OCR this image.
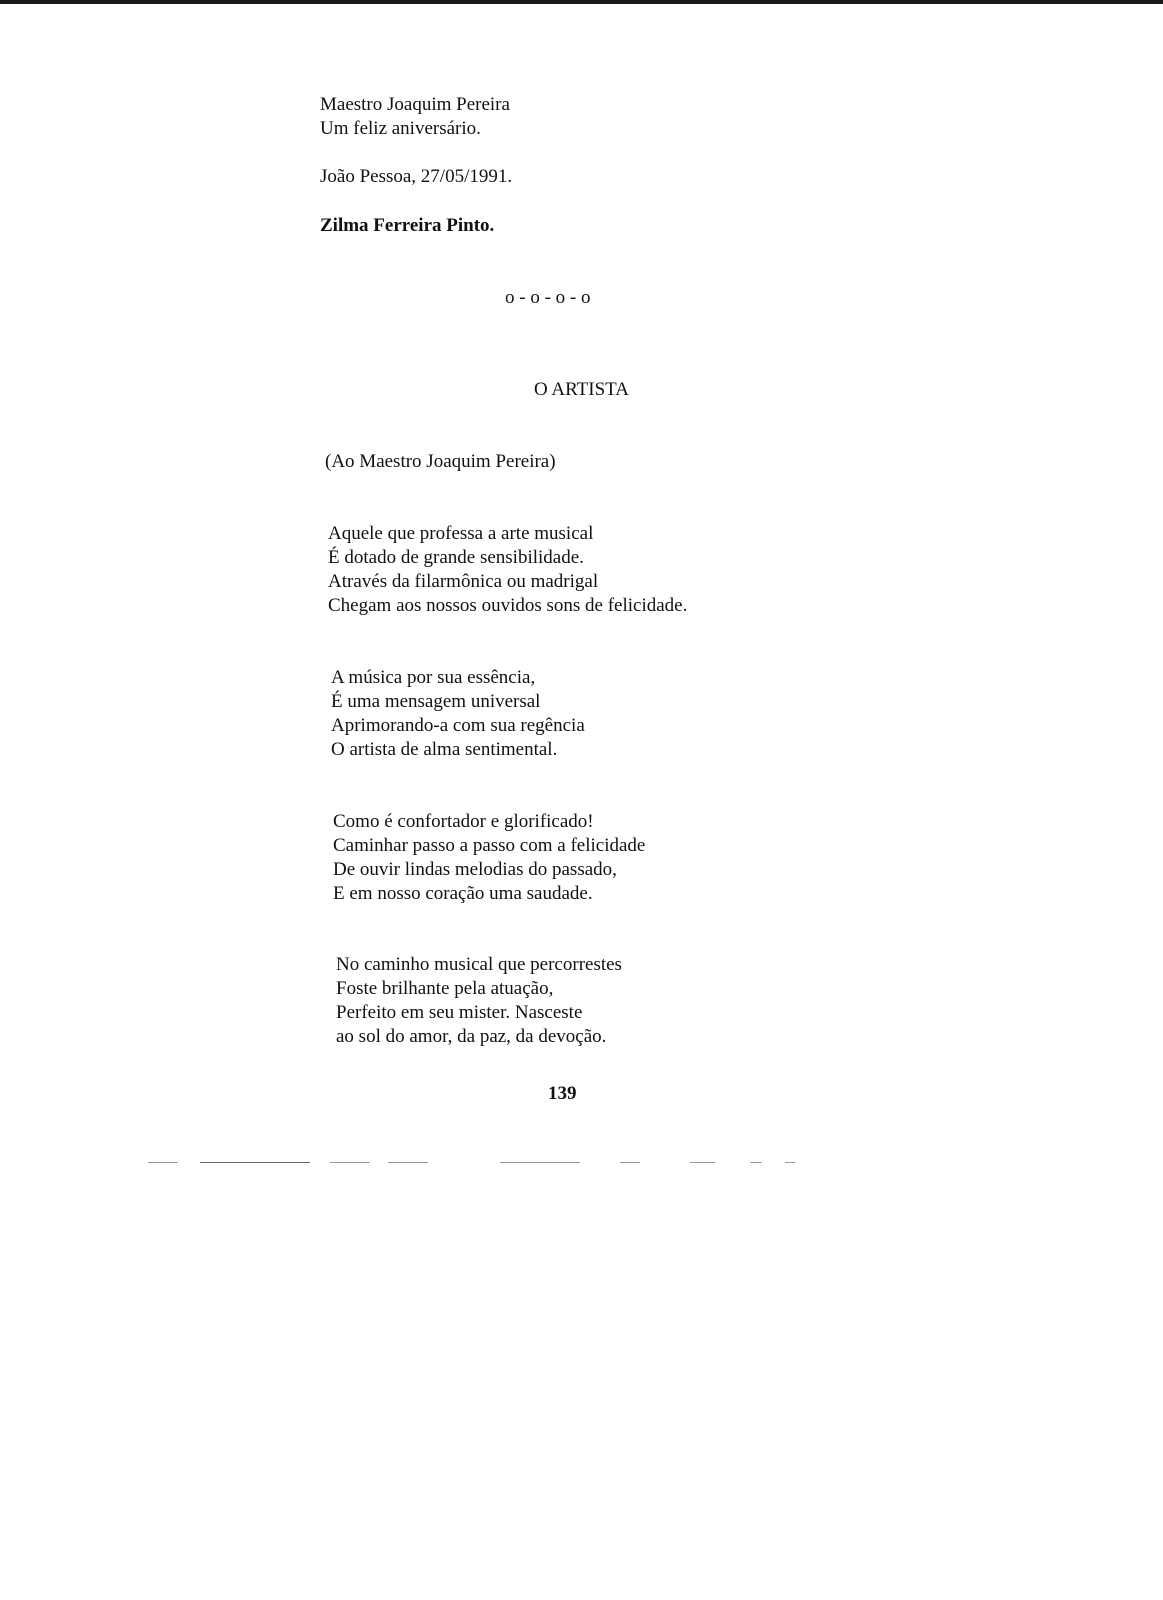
Maestro Joaquim Pereira
Um feliz aniversário.
João Pessoa, 27/05/1991.
Zilma Ferreira Pinto.
o - o - o - o
O ARTISTA
(Ao Maestro Joaquim Pereira)
Aquele que professa a arte musical
É dotado de grande sensibilidade.
Através da filarmônica ou madrigal
Chegam aos nossos ouvidos sons de felicidade.
A música por sua essência,
É uma mensagem universal
Aprimorando-a com sua regência
O artista de alma sentimental.
Como é confortador e glorificado!
Caminhar passo a passo com a felicidade
De ouvir lindas melodias do passado,
E em nosso coração uma saudade.
No caminho musical que percorrestes
Foste brilhante pela atuação,
Perfeito em seu mister. Nasceste
ao sol do amor, da paz, da devoção.
139
